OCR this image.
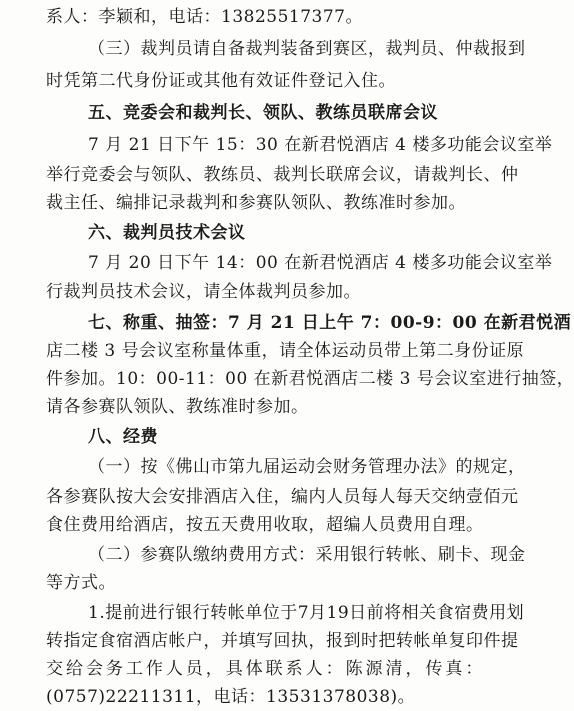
系人：李颖和，电话：13825517377。
（三）裁判员请自备裁判装备到赛区，裁判员、仲裁报到
时凭第二代身份证或其他有效证件登记入住。
五、竞委会和裁判长、领队、教练员联席会议
7 月 21 日下午 15：30 在新君悦酒店 4 楼多功能会议室举
举行竞委会与领队、教练员、裁判长联席会议，请裁判长、仲
裁主任、编排记录裁判和参赛队领队、教练准时参加。
六、裁判员技术会议
7 月 20 日下午 14：00 在新君悦酒店 4 楼多功能会议室举
行裁判员技术会议，请全体裁判员参加。
七、称重、抽签：7 月 21 日上午 7：00-9：00 在新君悦酒
店二楼 3 号会议室称量体重，请全体运动员带上第二身份证原
件参加。10：00-11：00 在新君悦酒店二楼 3 号会议室进行抽签，
请各参赛队领队、教练准时参加。
八、经费
（一）按《佛山市第九届运动会财务管理办法》的规定，
各参赛队按大会安排酒店入住，编内人员每人每天交纳壹佰元
食住费用给酒店，按五天费用收取，超编人员费用自理。
（二）参赛队缴纳费用方式：采用银行转帐、刷卡、现金
等方式。
1.提前进行银行转帐单位于7月19日前将相关食宿费用划
转指定食宿酒店帐户，并填写回执，报到时把转帐单复印件提
交给会务工作人员，具体联系人：陈源清，传真：
(0757)22211311，电话：13531378038)。
